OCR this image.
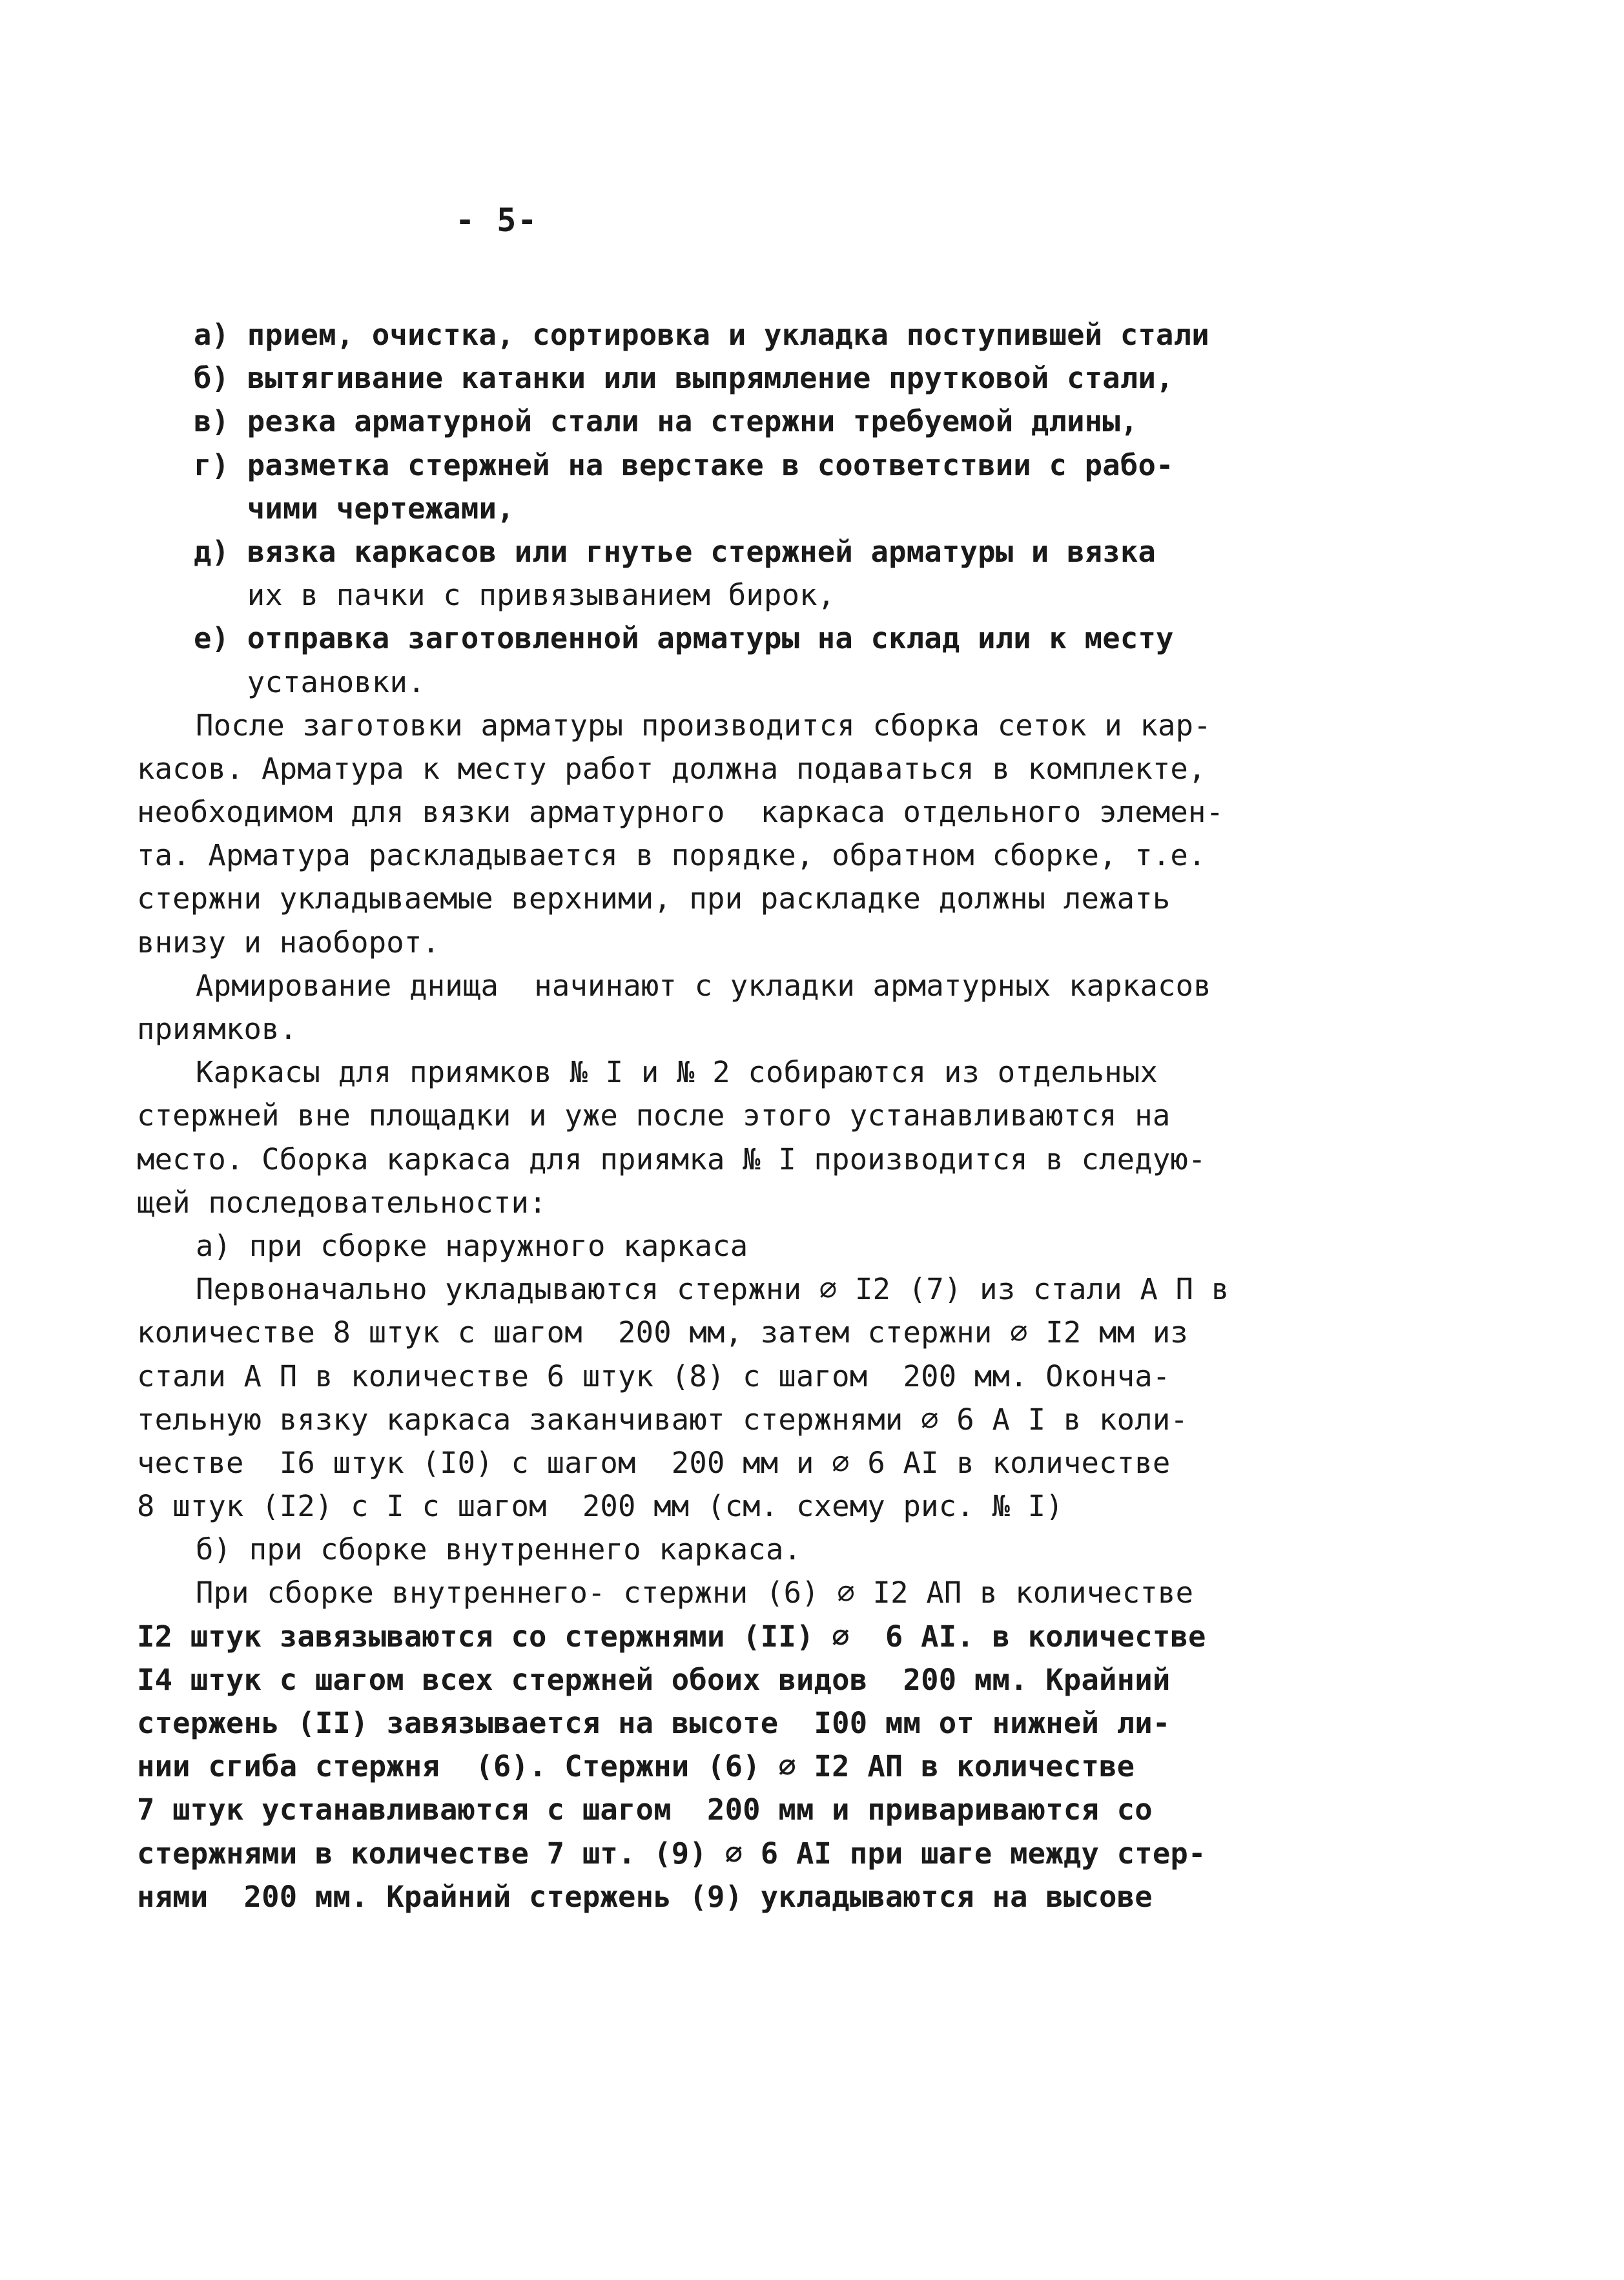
- 5-
а) прием, очистка, сортировка и укладка поступившей стали
б) вытягивание катанки или выпрямление прутковой стали,
в) резка арматурной стали на стержни требуемой длины,
г) разметка стержней на верстаке в соответствии с рабо-
чими чертежами,
д) вязка каркасов или гнутье стержней арматуры и вязка
их в пачки с привязыванием бирок,
е) отправка заготовленной арматуры на склад или к месту
установки.
После заготовки арматуры производится сборка сеток и кар-
касов. Арматура к месту работ должна подаваться в комплекте,
необходимом для вязки арматурного  каркаса отдельного элемен-
та. Арматура раскладывается в порядке, обратном сборке, т.е.
стержни укладываемые верхними, при раскладке должны лежать
внизу и наоборот.
Армирование днища  начинают с укладки арматурных каркасов
приямков.
Каркасы для приямков № I и № 2 собираются из отдельных
стержней вне площадки и уже после этого устанавливаются на
место. Сборка каркаса для приямка № I производится в следую-
щей последовательности:
а) при сборке наружного каркаса
Первоначально укладываются стержни ∅ I2 (7) из стали А П в
количестве 8 штук с шагом  200 мм, затем стержни ∅ I2 мм из
стали А П в количестве 6 штук (8) с шагом  200 мм. Оконча-
тельную вязку каркаса заканчивают стержнями ∅ 6 А I в коли-
честве  I6 штук (I0) с шагом  200 мм и ∅ 6 АI в количестве
8 штук (I2) с I с шагом  200 мм (см. схему рис. № I)
б) при сборке внутреннего каркаса.
При сборке внутреннего- стержни (6) ∅ I2 АП в количестве
I2 штук завязываются со стержнями (II) ∅  6 АI. в количестве
I4 штук с шагом всех стержней обоих видов  200 мм. Крайний
стержень (II) завязывается на высоте  I00 мм от нижней ли-
нии сгиба стержня  (6). Стержни (6) ∅ I2 АП в количестве
7 штук устанавливаются с шагом  200 мм и привариваются со
стержнями в количестве 7 шт. (9) ∅ 6 АI при шаге между стер-
нями  200 мм. Крайний стержень (9) укладываются на высове
